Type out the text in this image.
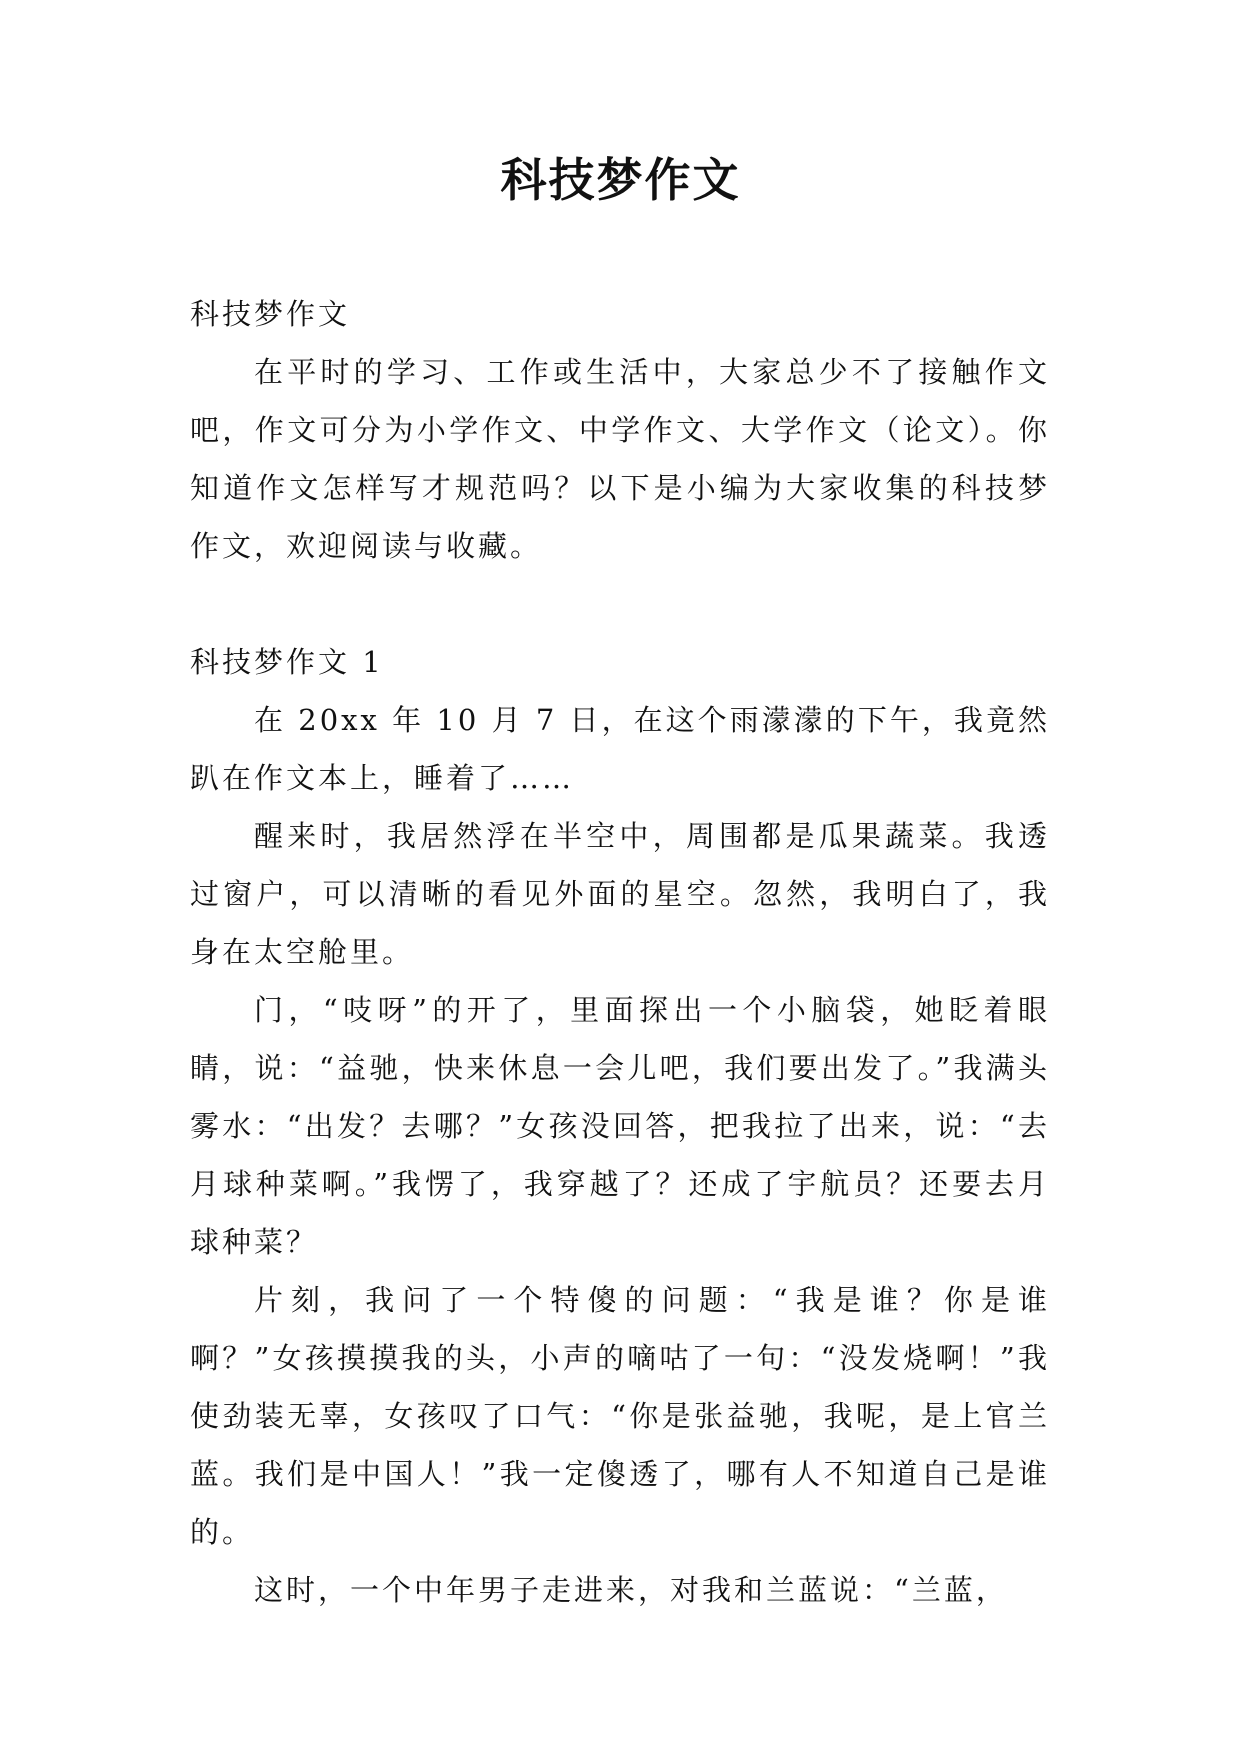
科技梦作文

科技梦作文

在平时的学习、工作或生活中，大家总少不了接触作文吧，作文可分为小学作文、中学作文、大学作文（论文）。你知道作文怎样写才规范吗？以下是小编为大家收集的科技梦作文，欢迎阅读与收藏。

科技梦作文 1

在 20xx 年 10 月 7 日，在这个雨濛濛的下午，我竟然趴在作文本上，睡着了……

醒来时，我居然浮在半空中，周围都是瓜果蔬菜。我透过窗户，可以清晰的看见外面的星空。忽然，我明白了，我身在太空舱里。

门，“吱呀”的开了，里面探出一个小脑袋，她眨着眼睛，说：“益驰，快来休息一会儿吧，我们要出发了。”我满头雾水：“出发？去哪？”女孩没回答，把我拉了出来，说：“去月球种菜啊。”我愣了，我穿越了？还成了宇航员？还要去月球种菜？

片刻，我问了一个特傻的问题：“我是谁？你是谁啊？”女孩摸摸我的头，小声的嘀咕了一句：“没发烧啊！”我使劲装无辜，女孩叹了口气：“你是张益驰，我呢，是上官兰蓝。我们是中国人！”我一定傻透了，哪有人不知道自己是谁的。

这时，一个中年男子走进来，对我和兰蓝说：“兰蓝，
